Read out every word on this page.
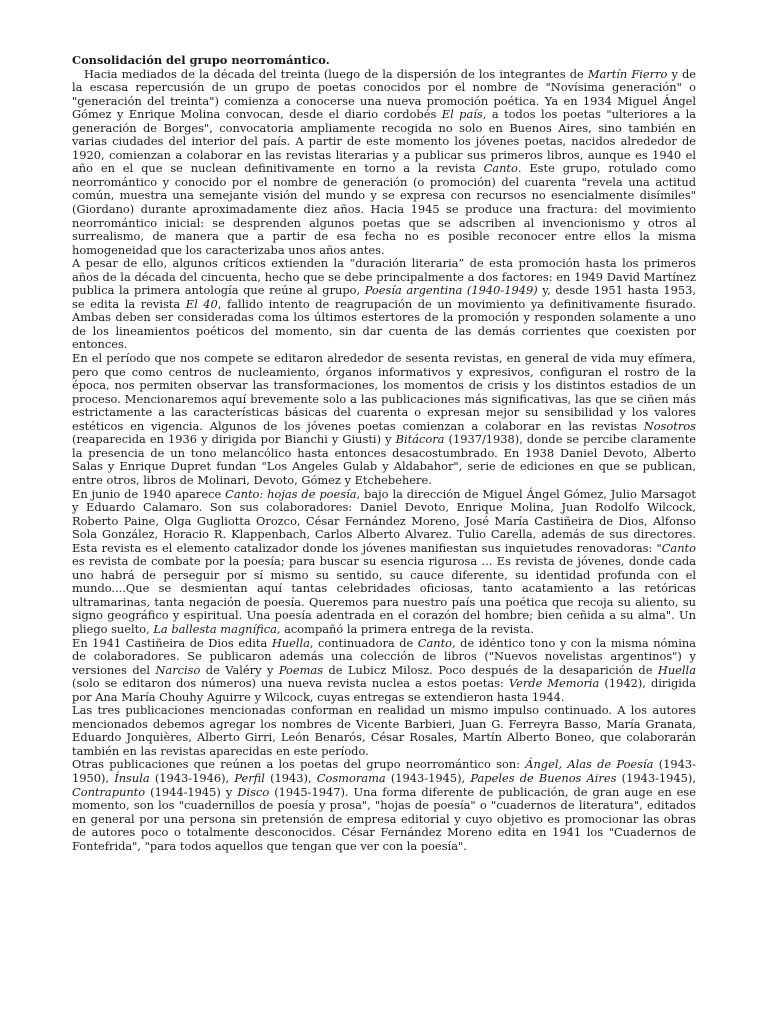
Consolidación del grupo neorromántico.

Hacia mediados de la década del treinta (luego de la dispersión de los integrantes de Martín Fierro y de la escasa repercusión de un grupo de poetas conocidos por el nombre de "Novísima generación" o "generación del treinta") comienza a conocerse una nueva promoción poética. Ya en 1934 Miguel Ángel Gómez y Enrique Molina convocan, desde el diario cordobés El país, a todos los poetas "ulteriores a la generación de Borges", convocatoria ampliamente recogida no solo en Buenos Aires, sino también en varias ciudades del interior del país. A partir de este momento los jóvenes poetas, nacidos alrededor de 1920, comienzan a colaborar en las revistas literarias y a publicar sus primeros libros, aunque es 1940 el año en el que se nuclean definitivamente en torno a la revista Canto. Este grupo, rotulado como neorromántico y conocido por el nombre de generación (o promoción) del cuarenta "revela una actitud común, muestra una semejante visión del mundo y se expresa con recursos no esencialmente disímiles" (Giordano) durante aproximadamente diez años. Hacia 1945 se produce una fractura: del movimiento neorromántico inicial: se desprenden algunos poetas que se adscriben al invencionismo y otros al surrealismo, de manera que a partir de esa fecha no es posible reconocer entre ellos la misma homogeneidad que los caracterizaba unos años antes.

A pesar de ello, algunos críticos extienden la “duración literaria” de esta promoción hasta los primeros años de la década del cincuenta, hecho que se debe principalmente a dos factores: en 1949 David Martínez publica la primera antología que reúne al grupo, Poesía argentina (1940-1949) y, desde 1951 hasta 1953, se edita la revista El 40, fallido intento de reagrupación de un movimiento ya definitivamente fisurado. Ambas deben ser consideradas coma los últimos estertores de la promoción y responden solamente a uno de los lineamientos poéticos del momento, sin dar cuenta de las demás corrientes que coexisten por entonces.

En el período que nos compete se editaron alrededor de sesenta revistas, en general de vida muy efímera, pero que como centros de nucleamiento, órganos informativos y expresivos, configuran el rostro de la época, nos permiten observar las transformaciones, los momentos de crisis y los distintos estadios de un proceso. Mencionaremos aquí brevemente solo a las publicaciones más significativas, las que se ciñen más estrictamente a las características básicas del cuarenta o expresan mejor su sensibilidad y los valores estéticos en vigencia. Algunos de los jóvenes poetas comienzan a colaborar en las revistas Nosotros (reaparecida en 1936 y dirigida por Bianchi y Giusti) y Bitácora (1937/1938), donde se percibe claramente la presencia de un tono melancólico hasta entonces desacostumbrado. En 1938 Daniel Devoto, Alberto Salas y Enrique Dupret fundan "Los Angeles Gulab y Aldabahor", serie de ediciones en que se publican, entre otros, libros de Molinari, Devoto, Gómez y Etchebehere.

En junio de 1940 aparece Canto: hojas de poesía, bajo la dirección de Miguel Ángel Gómez, Julio Marsagot y Eduardo Calamaro. Son sus colaboradores: Daniel Devoto, Enrique Molina, Juan Rodolfo Wilcock, Roberto Paine, Olga Gugliotta Orozco, César Fernández Moreno, José María Castiñeira de Dios, Alfonso Sola González, Horacio R. Klappenbach, Carlos Alberto Alvarez. Tulio Carella, además de sus directores. Esta revista es el elemento catalizador donde los jóvenes manifiestan sus inquietudes renovadoras: "Canto es revista de combate por la poesía; para buscar su esencia rigurosa ... Es revista de jóvenes, donde cada uno habrá de perseguir por sí mismo su sentido, su cauce diferente, su identidad profunda con el mundo....Que se desmientan aquí tantas celebridades oficiosas, tanto acatamiento a las retóricas ultramarinas, tanta negación de poesía. Queremos para nuestro país una poética que recoja su aliento, su signo geográfico y espiritual. Una poesía adentrada en el corazón del hombre; bien ceñida a su alma". Un pliego suelto, La ballesta magnífica, acompañó la primera entrega de la revista.

En 1941 Castiñeira de Dios edita Huella, continuadora de Canto, de idéntico tono y con la misma nómina de colaboradores. Se publicaron además una colección de libros ("Nuevos novelistas argentinos") y versiones del Narciso de Valéry y Poemas de Lubicz Milosz. Poco después de la desaparición de Huella (solo se editaron dos números) una nueva revista nuclea a estos poetas: Verde Memoria (1942), dirigida por Ana María Chouhy Aguirre y Wilcock, cuyas entregas se extendieron hasta 1944.

Las tres publicaciones mencionadas conforman en realidad un mismo impulso continuado. A los autores mencionados debemos agregar los nombres de Vicente Barbieri, Juan G. Ferreyra Basso, María Granata, Eduardo Jonquières, Alberto Girri, León Benarós, César Rosales, Martín Alberto Boneo, que colaborarán también en las revistas aparecidas en este período.

Otras publicaciones que reúnen a los poetas del grupo neorromántico son: Ángel, Alas de Poesía (1943-1950), Ínsula (1943-1946), Perfil (1943), Cosmorama (1943-1945), Papeles de Buenos Aires (1943-1945), Contrapunto (1944-1945) y Disco (1945-1947). Una forma diferente de publicación, de gran auge en ese momento, son los "cuadernillos de poesía y prosa", "hojas de poesía" o "cuadernos de literatura", editados en general por una persona sin pretensión de empresa editorial y cuyo objetivo es promocionar las obras de autores poco o totalmente desconocidos. César Fernández Moreno edita en 1941 los "Cuadernos de Fontefrida", "para todos aquellos que tengan que ver con la poesía".
